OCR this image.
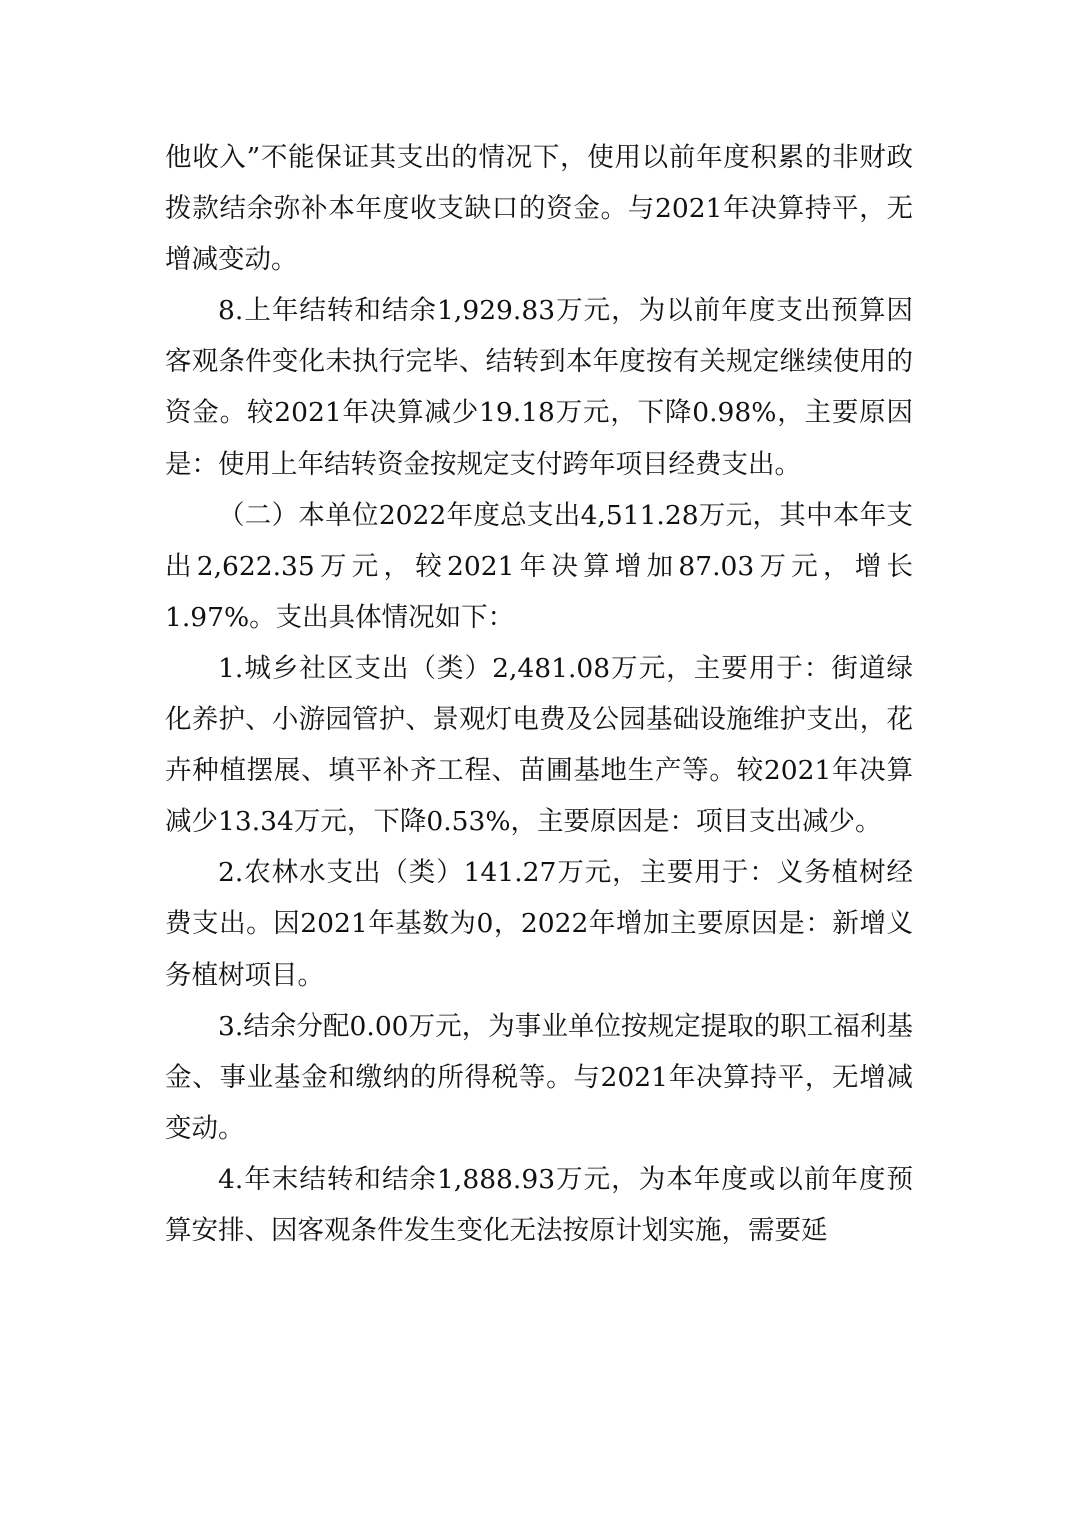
他收入”不能保证其支出的情况下，使用以前年度积累的非财政拨款结余弥补本年度收支缺口的资金。与2021年决算持平，无增减变动。

8.上年结转和结余1,929.83万元，为以前年度支出预算因客观条件变化未执行完毕、结转到本年度按有关规定继续使用的资金。较2021年决算减少19.18万元，下降0.98%，主要原因是：使用上年结转资金按规定支付跨年项目经费支出。

（二）本单位2022年度总支出4,511.28万元，其中本年支出2,622.35万元，较2021年决算增加87.03万元，增长1.97%。支出具体情况如下：

1.城乡社区支出（类）2,481.08万元，主要用于：街道绿化养护、小游园管护、景观灯电费及公园基础设施维护支出，花卉种植摆展、填平补齐工程、苗圃基地生产等。较2021年决算减少13.34万元，下降0.53%，主要原因是：项目支出减少。

2.农林水支出（类）141.27万元，主要用于：义务植树经费支出。因2021年基数为0，2022年增加主要原因是：新增义务植树项目。

3.结余分配0.00万元，为事业单位按规定提取的职工福利基金、事业基金和缴纳的所得税等。与2021年决算持平，无增减变动。

4.年末结转和结余1,888.93万元，为本年度或以前年度预算安排、因客观条件发生变化无法按原计划实施，需要延
